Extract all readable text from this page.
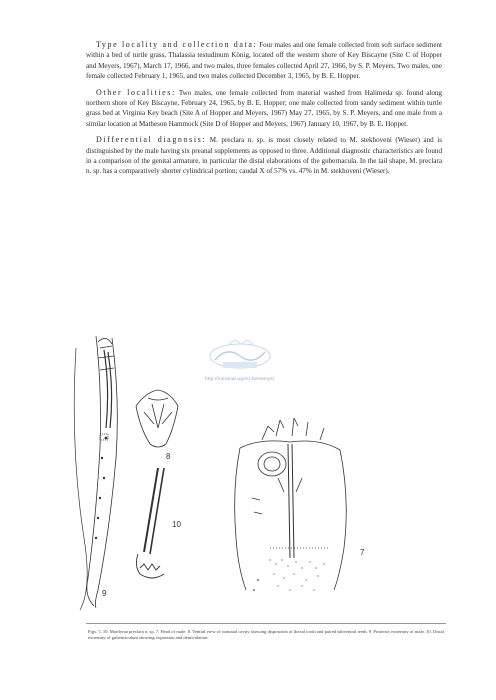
Type locality and collection data: Four males and one female collected from soft surface sediment within a bed of turtle grass, Thalassia testudinum König, located off the western shore of Key Biscayne (Site C of Hopper and Meyers, 1967), March 17, 1966, and two males, three females collected April 27, 1966, by S. P. Meyers. Two males, one female collected February 1, 1965, and two males collected December 3, 1965, by B. E. Hopper.

Other localities: Two males, one female collected from material washed from Halimeda sp. found along northern shore of Key Biscayne, February 24, 1965, by B. E. Hopper; one male collected from sandy sediment within turtle grass bed at Virginia Key beach (Site A of Hopper and Meyers, 1967) May 27, 1965, by S. P. Meyers, and one male from a similar location at Matheson Hammock (Site D of Hopper and Meyers, 1967) January 10, 1967, by B. E. Hopper.

Differential diagnosis: M. preclara n. sp. is most closely related to M. stekhoveni (Wieser) and is distinguished by the male having six preanal supplements as opposed to three. Additional diagnostic characteristics are found in a comparison of the genital armature, in particular the distal elaborations of the gubernacula. In the tail shape, M. preclara n. sp. has a comparatively shorter cylindrical portion; caudal X of 57% vs. 47% in M. stekhoveni (Wieser).

http://intramar.ugent.be/nemys/
8
10
9
7
Figs. 7–10. Marilynia preclara n. sp. 7. Head of male. 8. Ventral view of stomatal cavity showing disposition of dorsal tooth and paired subventral teeth. 9. Posterior extremity of male. 10. Distal extremity of gubernaculum showing expansion and denticulation.
